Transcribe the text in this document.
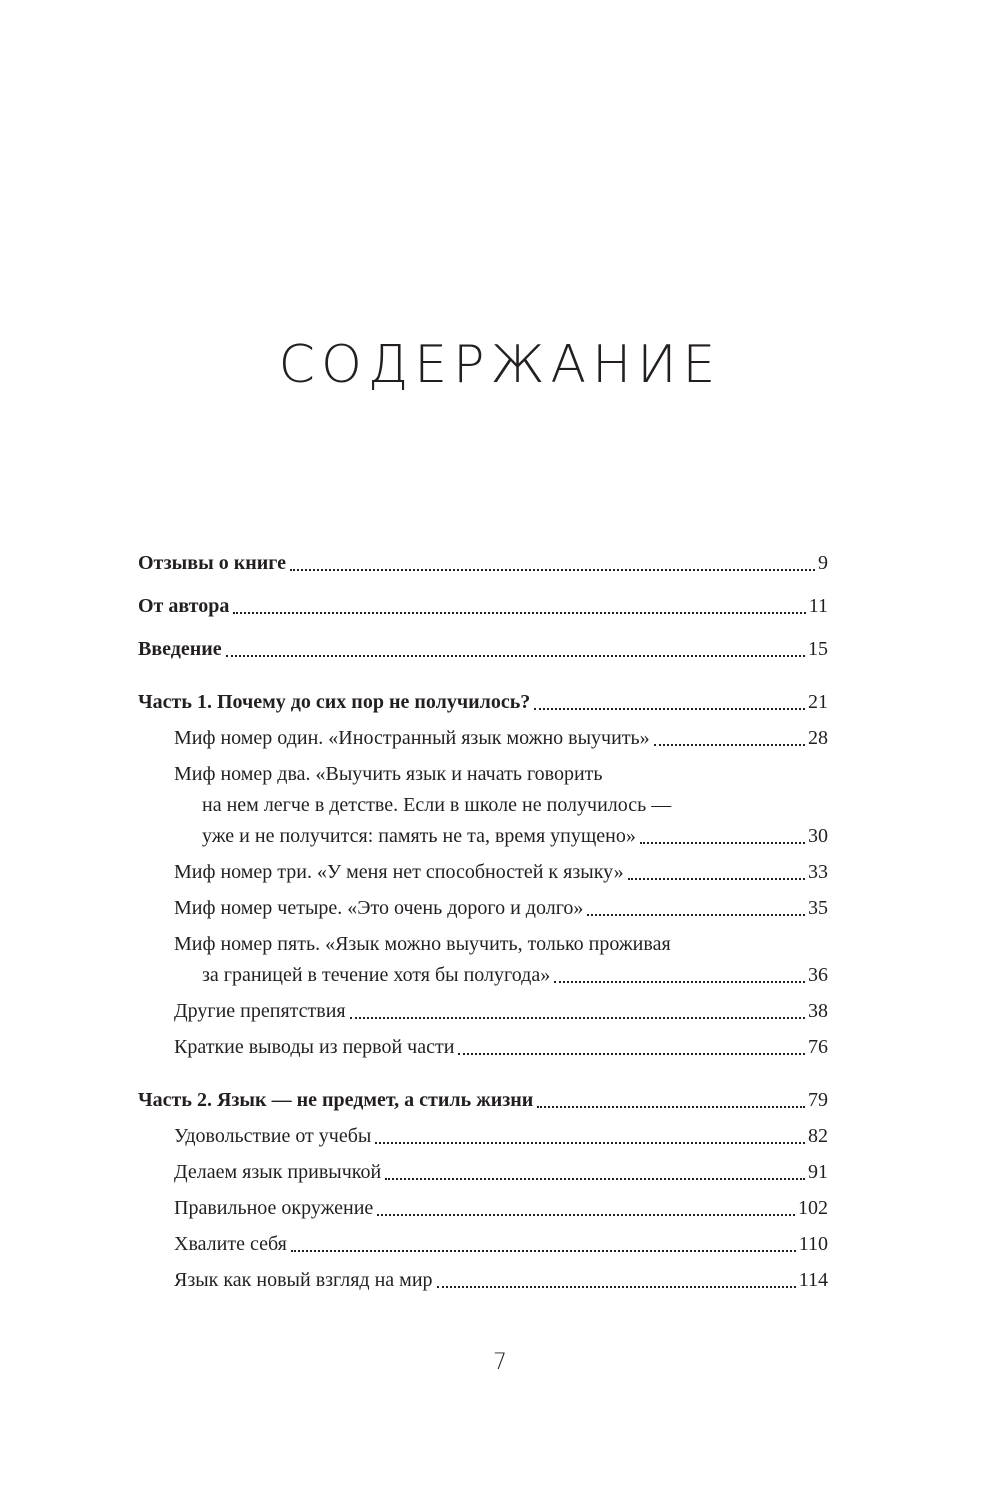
СОДЕРЖАНИЕ
Отзывы о книге	9
От автора	11
Введение	15
Часть 1. Почему до сих пор не получилось?	21
Миф номер один. «Иностранный язык можно выучить»	28
Миф номер два. «Выучить язык и начать говорить
на нем легче в детстве. Если в школе не получилось —
уже и не получится: память не та, время упущено»	30
Миф номер три. «У меня нет способностей к языку»	33
Миф номер четыре. «Это очень дорого и долго»	35
Миф номер пять. «Язык можно выучить, только проживая
за границей в течение хотя бы полугода»	36
Другие препятствия	38
Краткие выводы из первой части	76
Часть 2. Язык — не предмет, а стиль жизни	79
Удовольствие от учебы	82
Делаем язык привычкой	91
Правильное окружение	102
Хвалите себя	110
Язык как новый взгляд на мир	114
7
